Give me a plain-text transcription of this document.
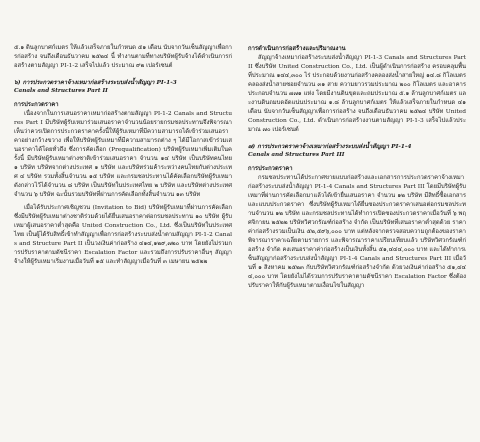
๕.๑ ดินลูกบาศก์เมตร ให้แล้วเสร็จภายในกำหนด ๕๑ เดือน นับจากวันเซ็นสัญญาเพื่อการก่อสร้าง จนถึงเดือนธันวาคม ๒๕๒๔ นี้ ทำงานตามที่ทางบริษัทผู้รับจ้างได้ดำเนินการก่อสร้างตามสัญญา PI-1-2 เสร็จไปแล้ว ประมาณ ๙๒ เปอร์เซนต์

๖) การประกวดราคาจ้างเหมาก่อสร้างระบบส่งน้ำสัญญา PI-1-3
Canals and Structures Part II
การประกวดราคา

เนื่องจากในการเสนอราคาเหมาก่อสร้างตามสัญญา PI-1-2 Canals and Structures Part I มีบริษัทผู้รับเหมาร่วมเสนอราคาจำนวนน้อยรายกรมชลประทานจึงพิจารณาเห็นว่าควรเปิดการประกวดราคาครั้งนี้ให้ผู้รับเหมาที่มีความสามารถได้เข้าร่วมเสนอราคาอย่างกว้างขวาง เพื่อให้บริษัทผู้รับเหมาที่มีความสามารถต่าง ๆ ได้มีโอกาสเข้าร่วมเสนอราคาได้โดยทั่วถึง ซึ่งการคัดเลือก (Prequalification) บริษัทผู้รับเหมาเพิ่มเติมในครั้งนี้ มีบริษัทผู้รับเหมาต่างชาติเข้าร่วมเสนอราคา จำนวน ๑๔ บริษัท เป็นบริษัทคนไทย ๑ บริษัท บริษัทจากต่างประเทศ ๑ บริษัท และบริษัทร่วมค้าระหว่างคนไทยกับต่างประเทศ ๔ บริษัท รวมทั้งสิ้นจำนวน ๑๕ บริษัท และกรมชลประทานได้คัดเลือกบริษัทผู้รับเหมาดังกล่าวไว้ได้จำนวน ๘ บริษัท เป็นบริษัทในประเทศไทย ๒ บริษัท และบริษัทต่างประเทศ จำนวน ๖ บริษัท ฉะนั้นรวมบริษัทที่ผ่านการคัดเลือกทั้งสิ้นจำนวน ๑๓ บริษัท

เมื่อได้รับประกาศเชิญชวน (Invitation to Bid) บริษัทผู้รับเหมาที่ผ่านการคัดเลือกซึ่งมีบริษัทผู้รับเหมาต่างชาติร่วมด้วยได้ยื่นเสนอราคาต่อกรมชลประทาน ๑๐ บริษัท ผู้รับเหมาผู้เสนอราคาต่ำสุดคือ United Construction Co., Ltd. ซึ่งเป็นบริษัทในประเทศไทย เป็นผู้ได้รับสิทธิ์เข้าทำสัญญาเพื่อการก่อสร้างระบบส่งน้ำตามสัญญา PI-1-2 Canals and Structure Part II เป็นวงเงินค่าก่อสร้าง ๔๑๔,๑๒๙,๗๒๐ บาท โดยยังไม่รวมการปรับราคาตามดัชนีราคา Escalation Factor และรวมถึงการปรับราคาอื่นๆ สัญญาจ้างให้ผู้รับเหมาเริ่มงานเมื่อวันที่ ๑๕ และทำสัญญาเมื่อวันที่ ๓ เมษายน ๒๕๒๒

การดำเนินการก่อสร้างและปริมาณงาน

สัญญาจ้างเหมาก่อสร้างระบบส่งน้ำสัญญา PI-1-3 Canals and Structures Part II ซึ่งบริษัท United Construction Co., Ltd. เป็นผู้ดำเนินการก่อสร้าง ครอบคลุมพื้นที่ประมาณ ๑๔๔,๓๐๐ ไร่ ประกอบด้วยงานก่อสร้างคลองส่งน้ำสายใหญ่ ๑๔.๘ กิโลเมตร คลองส่งน้ำสายซอยจำนวน ๓๑ สาย ความยาวรวมประมาณ ๒๐๐ กิโลเมตร และอาคารประกอบจำนวน ๗๗๑ แห่ง โดยมีงานดินขุดและถมประมาณ ๕.๑ ล้านลูกบาศก์เมตร และงานดินถมบดอัดแน่นประมาณ ๑.๘ ล้านลูกบาศก์เมตร ให้แล้วเสร็จภายในกำหนด ๔๑ เดือน นับจากวันเซ็นสัญญาเพื่อการก่อสร้าง จนถึงเดือนธันวาคม ๒๕๒๔ บริษัท United Construction Co., Ltd. ดำเนินการก่อสร้างงานตามสัญญา PI-1-3 เสร็จไปแล้วประมาณ ๗๐ เปอร์เซนต์

๗) การประกวดราคาจ้างเหมาก่อสร้างระบบส่งน้ำสัญญา PI-1-4
Canals and Structures Part III
การประกวดราคา

กรมชลประทานได้ประกาศขายแบบก่อสร้างและเอกสารการประกวดราคาจ้างเหมาก่อสร้างระบบส่งน้ำสัญญา PI-1-4 Canals and Structures Part III โดยมีบริษัทผู้รับเหมาที่ผ่านการคัดเลือกมาแล้วได้เข้ายื่นเสนอราคา จำนวน ๑๒ บริษัท มีสิทธิ์ซื้อเอกสารและแบบประกวดราคา ซึ่งบริษัทผู้รับเหมาได้ยื่นซองประกวดราคาเสนอต่อกรมชลประทานจำนวน ๑๒ บริษัท และกรมชลประทานได้ทำการเปิดซองประกวดราคาเมื่อวันที่ ๖ พฤศจิกายน ๒๕๒๒ บริษัทวิศวกรัณฑ์ก่อสร้าง จำกัด เป็นบริษัทที่เสนอราคาต่ำสุดด้วย ราคาค่าก่อสร้างรวมเป็นเงิน ๕๒,๕๙๖,๐๐๐ บาท แต่หลังจากตรวจสอบความถูกต้องของราคา พิจารณาราคาเฉลี่ยตามรายการ และพิจารณาราคาเปรียบเทียบแล้ว บริษัทวิศวกรัณฑ์ก่อสร้าง จำกัด คงเสนอราคาค่าก่อสร้างเป็นเงินทั้งสิ้น ๕๑,๔๔๔,๐๐๐ บาท และได้ทำการเซ็นสัญญาก่อสร้างระบบส่งน้ำสัญญา PI-1-4 Canals and Structures Part III เมื่อวันที่ ๑ สิงหาคม ๒๕๒๓ กับบริษัทวิศวกรัณฑ์ก่อสร้างจำกัด ด้วยวงเงินค่าก่อสร้าง ๕๑,๔๔๔,๐๐๐ บาท โดยยังไม่ได้รวมการปรับราคาตามดัชนีราคา Escalation Factor ซึ่งต้องปรับราคาให้กับผู้รับเหมาตามเงื่อนไขในสัญญา
